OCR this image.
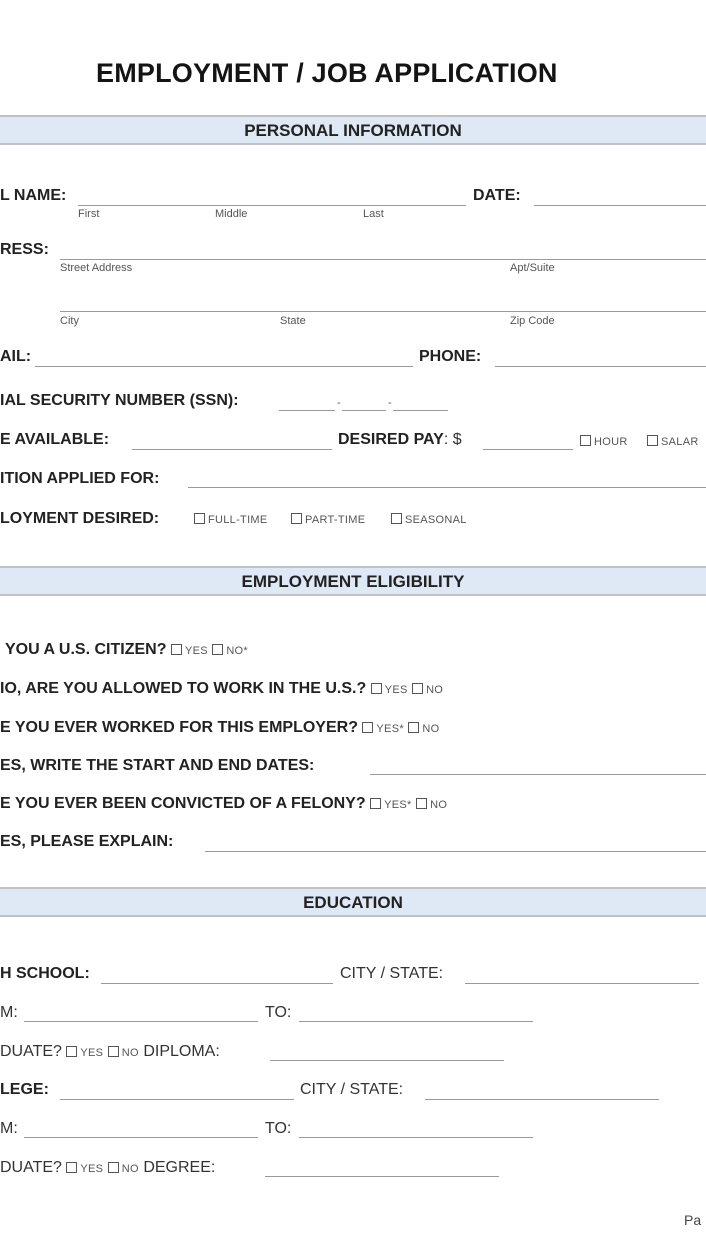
EMPLOYMENT / JOB APPLICATION
PERSONAL INFORMATION
L NAME:
First	Middle	Last
DATE:
RESS:
Street Address	Apt/Suite
City	State	Zip Code
AIL:	PHONE:
IAL SECURITY NUMBER (SSN):	-	-
E AVAILABLE:	DESIRED PAY: $	HOUR	SALAR
ITION APPLIED FOR:
LOYMENT DESIRED:	FULL-TIME	PART-TIME	SEASONAL
EMPLOYMENT ELIGIBILITY
YOU A U.S. CITIZEN? YES NO*
IO, ARE YOU ALLOWED TO WORK IN THE U.S.? YES NO
E YOU EVER WORKED FOR THIS EMPLOYER? YES* NO
ES, WRITE THE START AND END DATES:
E YOU EVER BEEN CONVICTED OF A FELONY? YES* NO
ES, PLEASE EXPLAIN:
EDUCATION
H SCHOOL:	CITY / STATE:
M:	TO:
DUATE? YES NO DIPLOMA:
LEGE:	CITY / STATE:
M:	TO:
DUATE? YES NO DEGREE:
Pa
